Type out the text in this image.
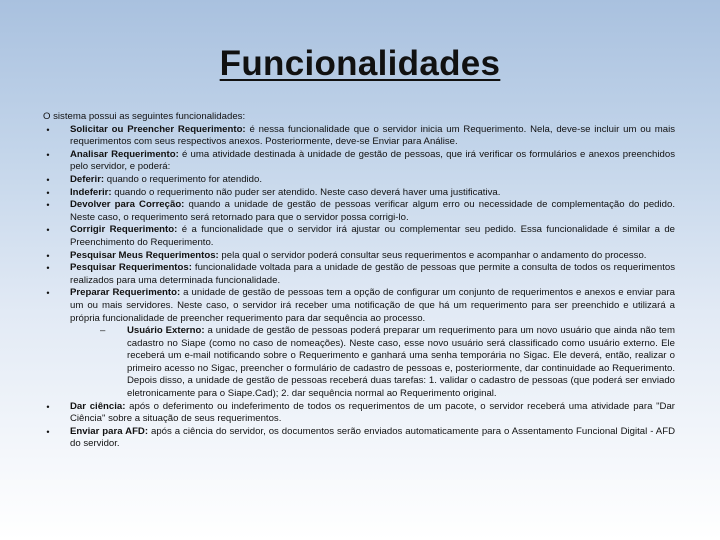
Funcionalidades

O sistema possui as seguintes funcionalidades:

•	Solicitar ou Preencher Requerimento: é nessa funcionalidade que o servidor inicia um Requerimento. Nela, deve-se incluir um ou mais requerimentos com seus respectivos anexos. Posteriormente, deve-se Enviar para Análise.
•	Analisar Requerimento: é uma atividade destinada à unidade de gestão de pessoas, que irá verificar os formulários e anexos preenchidos pelo servidor, e poderá:
•	Deferir: quando o requerimento for atendido.
•	Indeferir: quando o requerimento não puder ser atendido. Neste caso deverá haver uma justificativa.
•	Devolver para Correção: quando a unidade de gestão de pessoas verificar algum erro ou necessidade de complementação do pedido. Neste caso, o requerimento será retornado para que o servidor possa corrigi-lo.
•	Corrigir Requerimento: é a funcionalidade que o servidor irá ajustar ou complementar seu pedido. Essa funcionalidade é similar a de Preenchimento do Requerimento.
•	Pesquisar Meus Requerimentos: pela qual o servidor poderá consultar seus requerimentos e acompanhar o andamento do processo.
•	Pesquisar Requerimentos: funcionalidade voltada para a unidade de gestão de pessoas que permite a consulta de todos os requerimentos realizados para uma determinada funcionalidade.
•	Preparar Requerimento: a unidade de gestão de pessoas tem a opção de configurar um conjunto de requerimentos e anexos e enviar para um ou mais servidores. Neste caso, o servidor irá receber uma notificação de que há um requerimento para ser preenchido e utilizará a própria funcionalidade de preencher requerimento para dar sequência ao processo.
– Usuário Externo: a unidade de gestão de pessoas poderá preparar um requerimento para um novo usuário que ainda não tem cadastro no Siape (como no caso de nomeações). Neste caso, esse novo usuário será classificado como usuário externo. Ele receberá um e-mail notificando sobre o Requerimento e ganhará uma senha temporária no Sigac. Ele deverá, então, realizar o primeiro acesso no Sigac, preencher o formulário de cadastro de pessoas e, posteriormente, dar continuidade ao Requerimento. Depois disso, a unidade de gestão de pessoas receberá duas tarefas: 1. validar o cadastro de pessoas (que poderá ser enviado eletronicamente para o Siape.Cad); 2. dar sequência normal ao Requerimento original.
•	Dar ciência: após o deferimento ou indeferimento de todos os requerimentos de um pacote, o servidor receberá uma atividade para "Dar Ciência" sobre a situação de seus requerimentos.
•	Enviar para AFD: após a ciência do servidor, os documentos serão enviados automaticamente para o Assentamento Funcional Digital - AFD do servidor.
